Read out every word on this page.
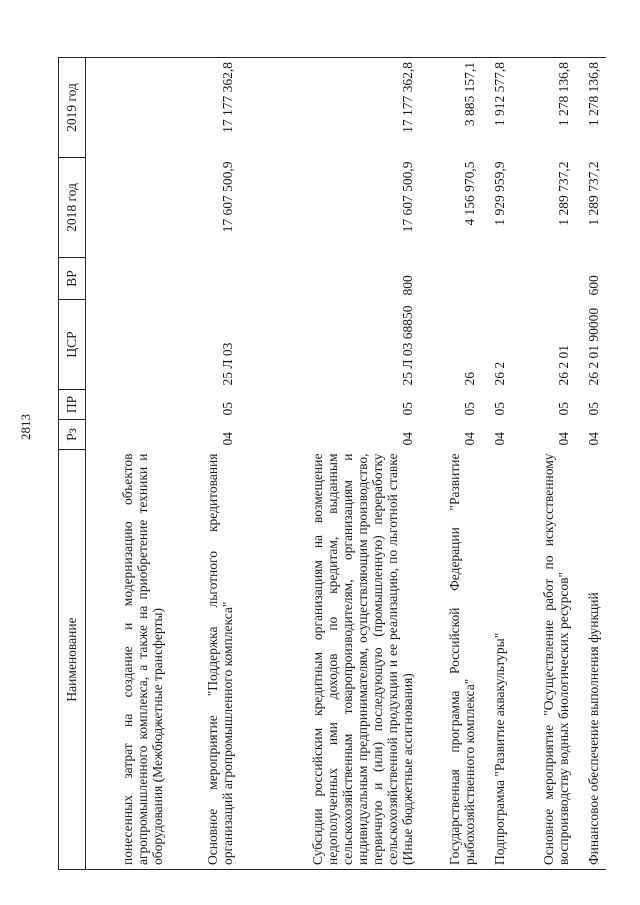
2813
Наименование	Рз	ПР	ЦСР	ВР	2018 год	2019 год
понесенных затрат на создание и модернизацию объектов агропромышленного комплекса, а также на приобретение техники и оборудования (Межбюджетные трансферты)						
Основное мероприятие "Поддержка льготного кредитования организаций агропромышленного комплекса"	04	05	25 Л 03		17 607 500,9	17 177 362,8
Субсидии российским кредитным организациям на возмещение недополученных ими доходов по кредитам, выданным сельскохозяйственным товаропроизводителям, организациям и индивидуальным предпринимателям, осуществляющим производство, первичную и (или) последующую (промышленную) переработку сельскохозяйственной продукции и ее реализацию, по льготной ставке (Иные бюджетные ассигнования)	04	05	25 Л 03 68850	800	17 607 500,9	17 177 362,8
Государственная программа Российской Федерации "Развитие рыбохозяйственного комплекса"	04	05	26		4 156 970,5	3 885 157,1
Подпрограмма "Развитие аквакультуры"	04	05	26 2		1 929 959,9	1 912 577,8
Основное мероприятие "Осуществление работ по искусственному воспроизводству водных биологических ресурсов"	04	05	26 2 01		1 289 737,2	1 278 136,8
Финансовое обеспечение выполнения функций	04	05	26 2 01 90000	600	1 289 737,2	1 278 136,8
